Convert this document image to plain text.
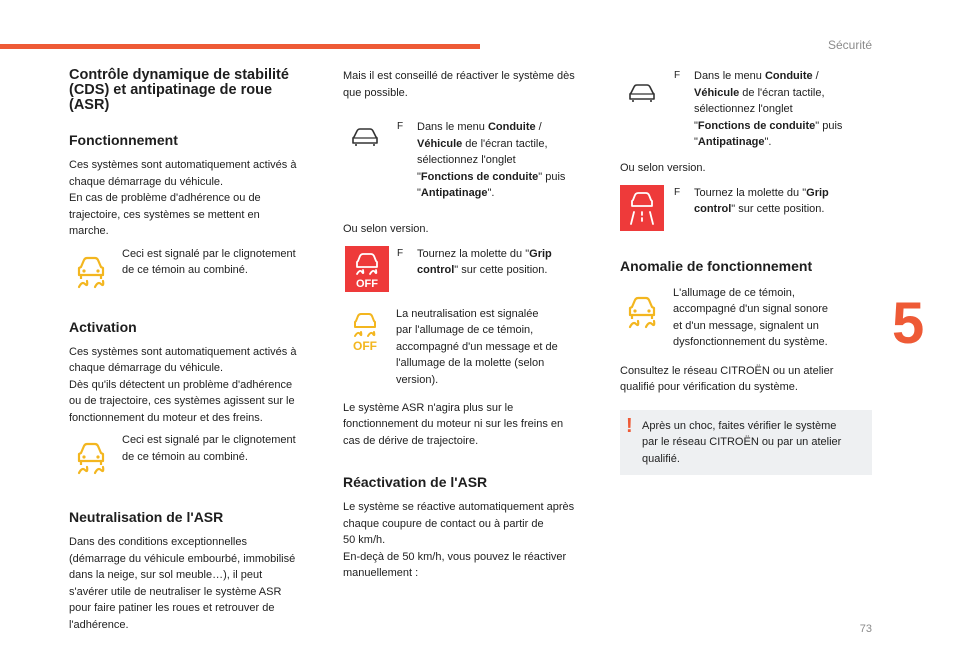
Sécurité
5
73
Contrôle dynamique de stabilité
(CDS) et antipatinage de roue
(ASR)
Fonctionnement
Ces systèmes sont automatiquement activés à
chaque démarrage du véhicule.
En cas de problème d'adhérence ou de
trajectoire, ces systèmes se mettent en
marche.
Ceci est signalé par le clignotement
de ce témoin au combiné.
Activation
Ces systèmes sont automatiquement activés à
chaque démarrage du véhicule.
Dès qu'ils détectent un problème d'adhérence
ou de trajectoire, ces systèmes agissent sur le
fonctionnement du moteur et des freins.
Ceci est signalé par le clignotement
de ce témoin au combiné.
Neutralisation de l'ASR
Dans des conditions exceptionnelles
(démarrage du véhicule embourbé, immobilisé
dans la neige, sur sol meuble…), il peut
s'avérer utile de neutraliser le système ASR
pour faire patiner les roues et retrouver de
l'adhérence.
Mais il est conseillé de réactiver le système dès
que possible.
F	Dans le menu Conduite /
Véhicule de l'écran tactile,
sélectionnez l'onglet
"Fonctions de conduite" puis
"Antipatinage".
Ou selon version.
OFF
F	Tournez la molette du "Grip
control" sur cette position.
OFF
La neutralisation est signalée
par l'allumage de ce témoin,
accompagné d'un message et de
l'allumage de la molette (selon
version).
Le système ASR n'agira plus sur le
fonctionnement du moteur ni sur les freins en
cas de dérive de trajectoire.
Réactivation de l'ASR
Le système se réactive automatiquement après
chaque coupure de contact ou à partir de
50 km/h.
En-deçà de 50 km/h, vous pouvez le réactiver
manuellement :
F	Dans le menu Conduite /
Véhicule de l'écran tactile,
sélectionnez l'onglet
"Fonctions de conduite" puis
"Antipatinage".
Ou selon version.
F	Tournez la molette du "Grip
control" sur cette position.
Anomalie de fonctionnement
L'allumage de ce témoin,
accompagné d'un signal sonore
et d'un message, signalent un
dysfonctionnement du système.
Consultez le réseau CITROËN ou un atelier
qualifié pour vérification du système.
! Après un choc, faites vérifier le système
par le réseau CITROËN ou par un atelier
qualifié.
